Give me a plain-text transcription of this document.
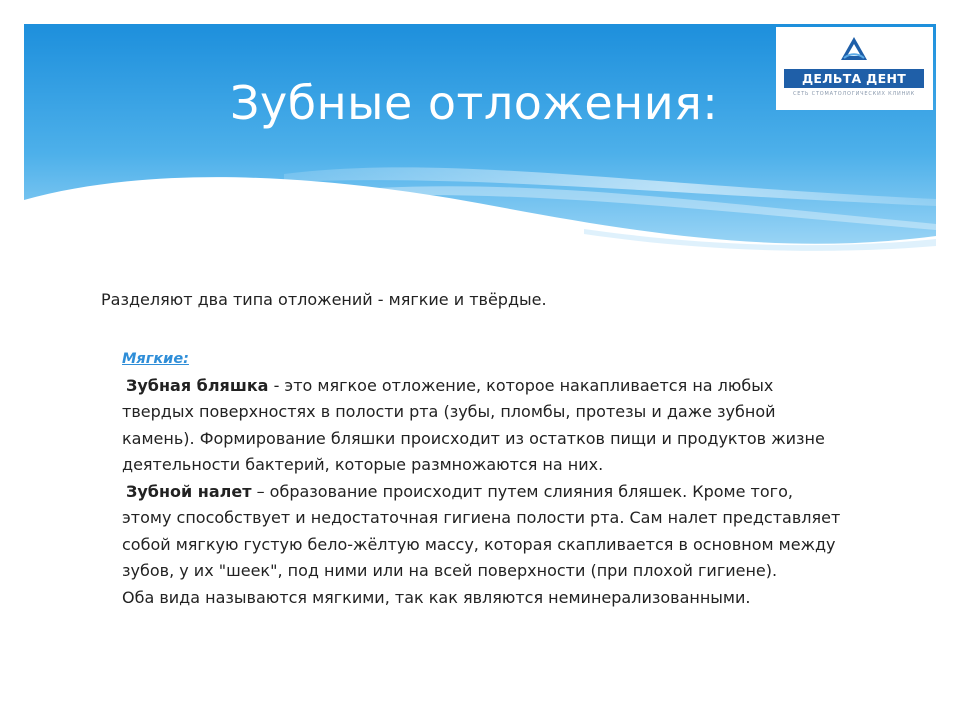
Зубные отложения:	ДЕЛЬТА ДЕНТ
СЕТЬ СТОМАТОЛОГИЧЕСКИХ КЛИНИК

Разделяют два типа отложений - мягкие и твёрдые.

Мягкие:

Зубная бляшка - это мягкое отложение, которое накапливается на любых твердых поверхностях в полости рта (зубы, пломбы, протезы и даже зубной камень). Формирование бляшки происходит из остатков пищи и продуктов жизне деятельности бактерий, которые размножаются на них.

Зубной налет – образование происходит путем слияния бляшек. Кроме того, этому способствует и недостаточная гигиена полости рта. Сам налет представляет собой мягкую густую бело-жёлтую массу, которая скапливается в основном между зубов, у их "шеек", под ними или на всей поверхности (при плохой гигиене).

Оба вида называются мягкими, так как являются неминерализованными.
